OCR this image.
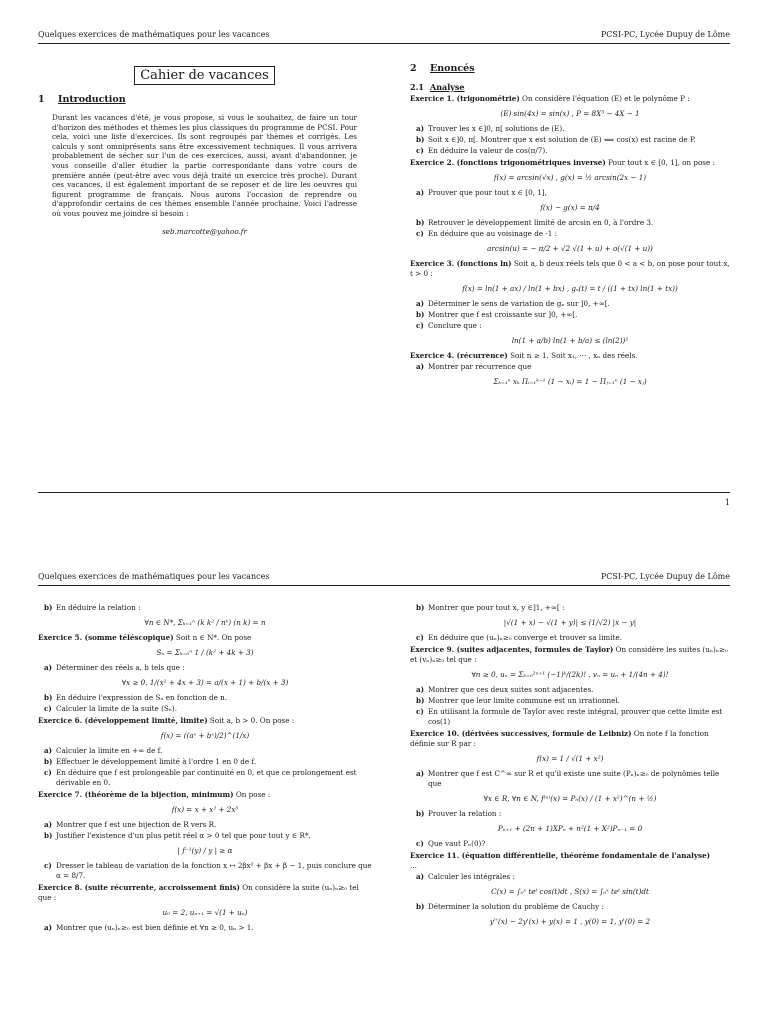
Quelques exercices de mathématiques pour les vacances	PCSI-PC, Lycée Dupuy de Lôme
Cahier de vacances
1 Introduction

Durant les vacances d'été, je vous propose, si vous le souhaitez, de faire un tour d'horizon des méthodes et thèmes les plus classiques du programme de PCSI. Pour cela, voici une liste d'exercices. Ils sont regroupés par thèmes et corrigés. Les calculs y sont omniprésents sans être excessivement techniques. Il vous arrivera probablement de sécher sur l'un de ces exercices, aussi, avant d'abandonner, je vous conseille d'aller étudier la partie correspondante dans votre cours de première année (peut-être avec vous déjà traité un exercice très proche). Durant ces vacances, il est également important de se reposer et de lire les oeuvres qui figurent programme de français. Nous aurons l'occasion de reprendre ou d'approfondir certains de ces thèmes ensemble l'année prochaine. Voici l'adresse où vous pouvez me joindre si besoin :

seb.marcotte@yahoo.fr

2 Enoncés
2.1 Analyse
Exercice 1. (trigonométrie) On considère l'équation (E) et le polynôme P :
(E) sin(4x) = sin(x) , P = 8X³ − 4X − 1
a) Trouver les x ∈]0, π[ solutions de (E).
b) Soit x ∈]0, π[. Montrer que x est solution de (E) ⟺ cos(x) est racine de P.
c) En déduire la valeur de cos(π/7).
Exercice 2. (fonctions trigonométriques inverse) Pour tout x ∈ [0, 1], on pose :
f(x) = arcsin(√x) , g(x) = ½ arcsin(2x − 1)
a) Prouver que pour tout x ∈ [0, 1],
f(x) − g(x) = π/4
b) Retrouver le développement limité de arcsin en 0, à l'ordre 3.
c) En déduire que au voisinage de -1 :
arcsin(u) = − π/2 + √2 √(1 + u) + o(√(1 + u))
Exercice 3. (fonctions ln) Soit a, b deux réels tels que 0 < a < b, on pose pour tout x, t > 0 :
f(x) = ln(1 + ax) / ln(1 + bx) , gₓ(t) = t / ((1 + tx) ln(1 + tx))
a) Déterminer le sens de variation de gₓ sur ]0, +∞[.
b) Montrer que f est croissante sur ]0, +∞[.
c) Conclure que :
ln(1 + a/b) ln(1 + b/a) ≤ (ln(2))²
Exercice 4. (récurrence) Soit n ≥ 1. Soit x₁, ··· , xₙ des réels.
a) Montrer par récurrence que
Σₖ₌₁ⁿ xₖ Πᵢ₌₁ᵏ⁻¹ (1 − xᵢ) = 1 − Πⱼ₌₁ⁿ (1 − xⱼ)
1
Quelques exercices de mathématiques pour les vacances	PCSI-PC, Lycée Dupuy de Lôme
b) En déduire la relation :
∀n ∈ N*, Σₖ₌₁ⁿ (k k² / nᵏ) (n k) = n
Exercice 5. (somme téléscopique) Soit n ∈ N*. On pose
Sₙ = Σₖ₌₀ⁿ 1 / (k² + 4k + 3)
a) Déterminer des réels a, b tels que :
∀x ≥ 0, 1/(x² + 4x + 3) = a/(x + 1) + b/(x + 3)
b) En déduire l'expression de Sₙ en fonction de n.
c) Calculer la limite de la suite (Sₙ).
Exercice 6. (développement limité, limite) Soit a, b > 0. On pose :
f(x) = ((aˣ + bˣ)/2)^(1/x)
a) Calculer la limite en +∞ de f.
b) Effectuer le développement limité à l'ordre 1 en 0 de f.
c) En déduire que f est prolongeable par continuité en 0, et que ce prolongement est dérivable en 0.
Exercice 7. (théorème de la bijection, minimum) On pose :
f(x) = x + x² + 2x³
a) Montrer que f est une bijection de R vers R.
b) Justifier l'existence d'un plus petit réel α > 0 tel que pour tout y ∈ R*,
| f⁻¹(y) / y | ≥ α
c) Dresser le tableau de variation de la fonction x ↦ 2βx² + βx + β − 1, puis conclure que α = 8/7.
Exercice 8. (suite récurrente, accroissement finis) On considère la suite (uₙ)ₙ≥₀ tel que :
u₀ = 2, uₙ₊₁ = √(1 + uₙ)
a) Montrer que (uₙ)ₙ≥₀ est bien définie et ∀n ≥ 0, uₙ > 1.
b) Montrer que pour tout x, y ∈]1, +∞[ :
|√(1 + x) − √(1 + y)| ≤ (1/√2) |x − y|
c) En déduire que (uₙ)ₙ≥₀ converge et trouver sa limite.
Exercice 9. (suites adjacentes, formules de Taylor) On considère les suites (uₙ)ₙ≥₀ et (vₙ)ₙ≥₀ tel que :
∀n ≥ 0, uₙ = Σₖ₌₀²ⁿ⁺¹ (−1)ᵏ/(2k)! , vₙ = uₙ + 1/(4n + 4)!
a) Montrer que ces deux suites sont adjacentes.
b) Montrer que leur limite commune est un irrationnel.
c) En utilisant la formule de Taylor avec reste intégral, prouver que cette limite est cos(1)
Exercice 10. (dérivées successives, formule de Leibniz) On note f la fonction définie sur R par :
f(x) = 1 / √(1 + x²)
a) Montrer que f est C^∞ sur R et qu'il existe une suite (Pₙ)ₙ≥₀ de polynômes telle que
∀x ∈ R, ∀n ∈ N, f⁽ⁿ⁾(x) = Pₙ(x) / (1 + x²)^(n + ½)
b) Prouver la relation :
Pₙ₊₁ + (2n + 1)XPₙ + n²(1 + X²)Pₙ₋₁ = 0
c) Que vaut Pₙ(0)?
Exercice 11. (équation différentielle, théorème fondamentale de l'analyse)
...
a) Calculer les intégrales :
C(x) = ∫₀ˣ teᵗ cos(t)dt , S(x) = ∫₀ˣ teᵗ sin(t)dt
b) Déterminer la solution du problème de Cauchy :
y''(x) − 2y'(x) + y(x) = 1 , y(0) = 1, y'(0) = 2
